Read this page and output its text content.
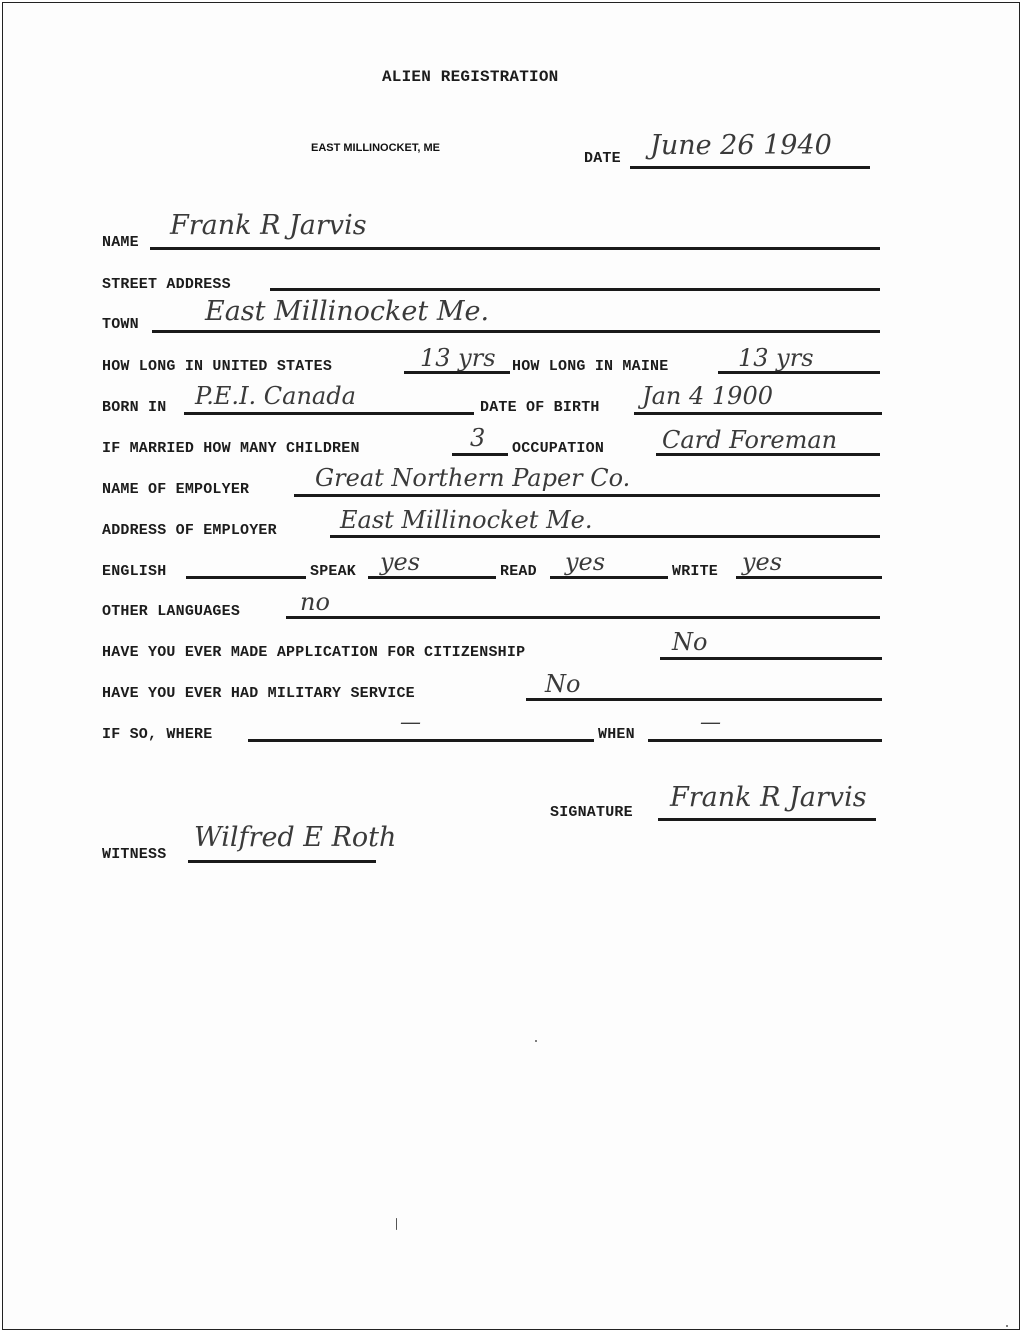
ALIEN REGISTRATION
EAST MILLINOCKET, ME
DATE June 26 1940
NAME
Frank R Jarvis
STREET ADDRESS
TOWN East Millinocket Me.
HOW LONG IN UNITED STATES	13 yrs HOW LONG IN MAINE	13 yrs
BORN IN P.E.I. Canada	DATE OF BIRTH Jan 4 1900
IF MARRIED HOW MANY CHILDREN	3 OCCUPATION Card Foreman
NAME OF EMPOLYER	Great Northern Paper Co.
ADDRESS OF EMPLOYER	East Millinocket Me.
ENGLISH	SPEAK yes	READ yes	WRITE yes
OTHER LANGUAGES no
HAVE YOU EVER MADE APPLICATION FOR CITIZENSHIP	No
HAVE YOU EVER HAD MILITARY SERVICE	No
IF SO, WHERE
—
WHEN
—
SIGNATURE Frank R Jarvis
WITNESS
Wilfred E Roth
